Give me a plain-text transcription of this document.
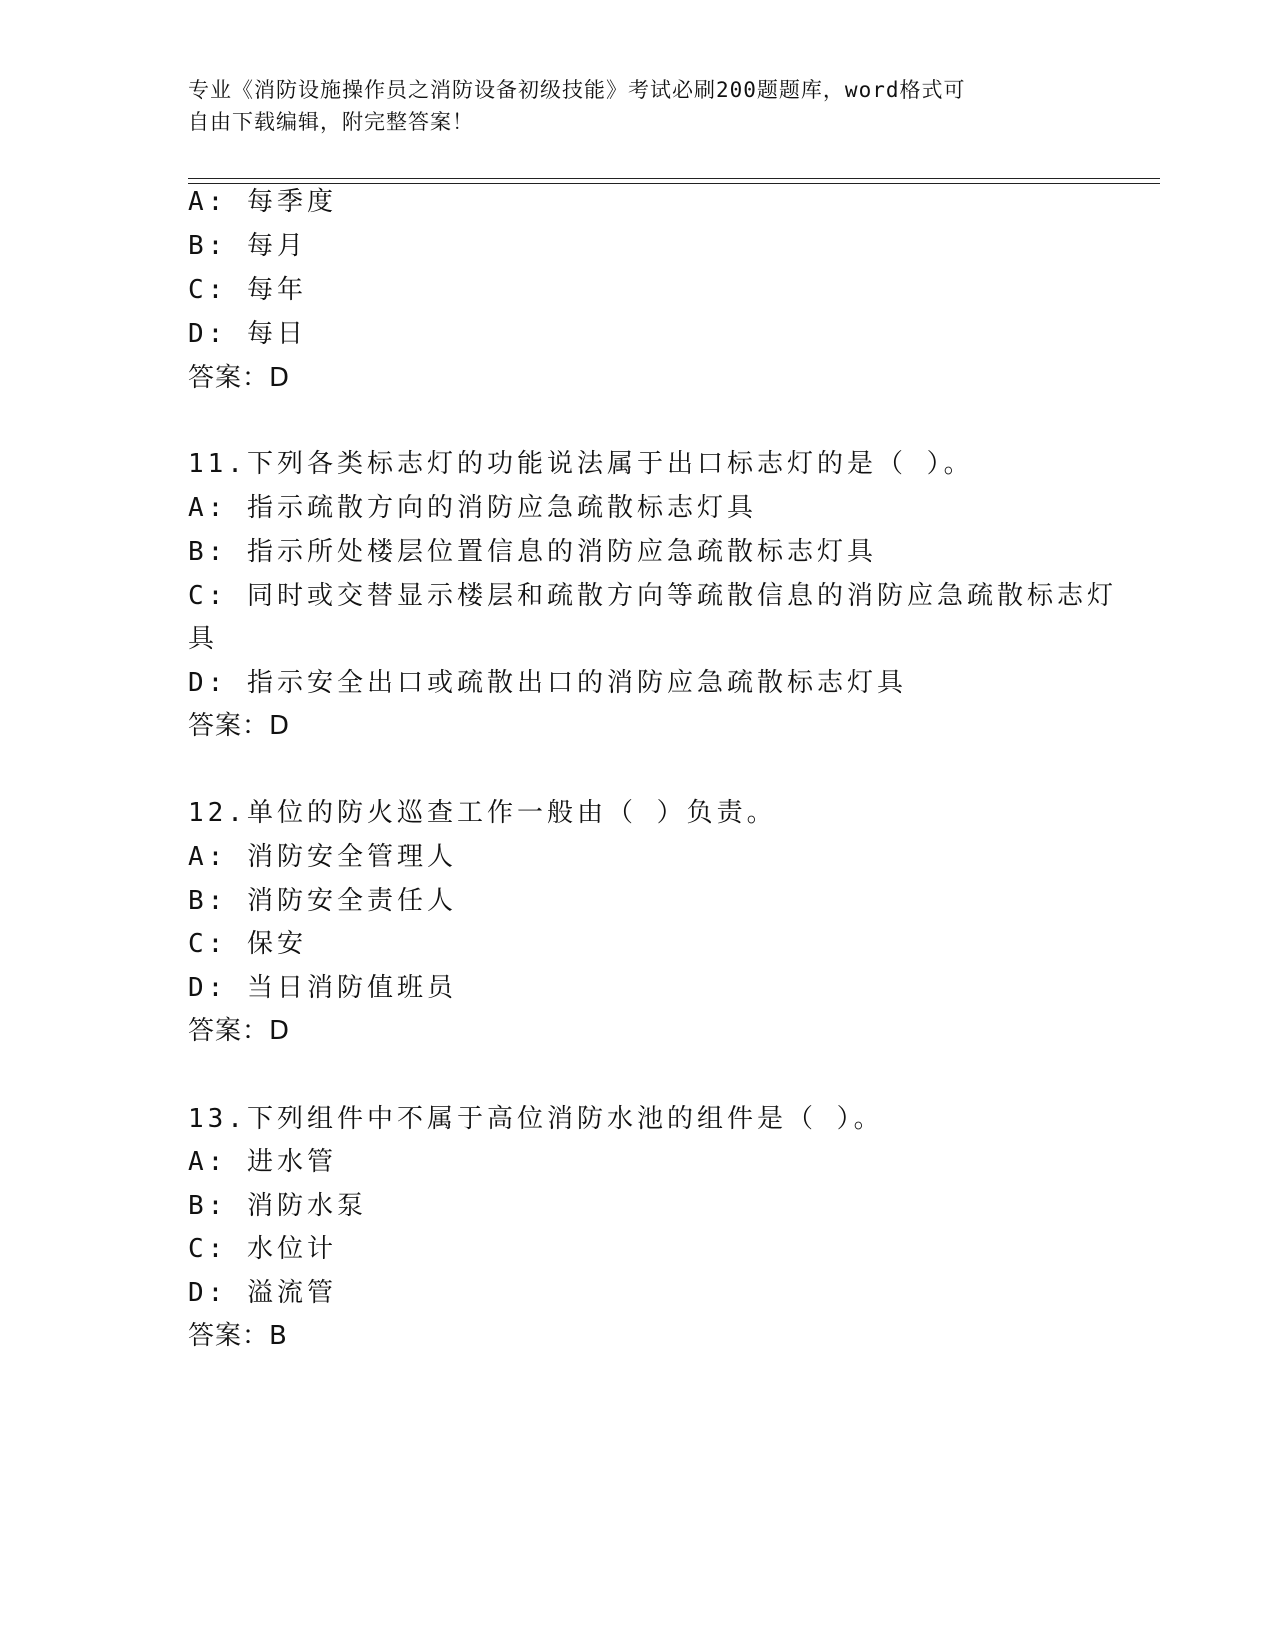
专业《消防设施操作员之消防设备初级技能》考试必刷200题题库，word格式可
自由下载编辑，附完整答案！
A: 每季度
B: 每月
C: 每年
D: 每日
答案：D
11.下列各类标志灯的功能说法属于出口标志灯的是（ ）。
A: 指示疏散方向的消防应急疏散标志灯具
B: 指示所处楼层位置信息的消防应急疏散标志灯具
C: 同时或交替显示楼层和疏散方向等疏散信息的消防应急疏散标志灯
具
D: 指示安全出口或疏散出口的消防应急疏散标志灯具
答案：D
12.单位的防火巡查工作一般由（ ）负责。
A: 消防安全管理人
B: 消防安全责任人
C: 保安
D: 当日消防值班员
答案：D
13.下列组件中不属于高位消防水池的组件是（ ）。
A: 进水管
B: 消防水泵
C: 水位计
D: 溢流管
答案：B
